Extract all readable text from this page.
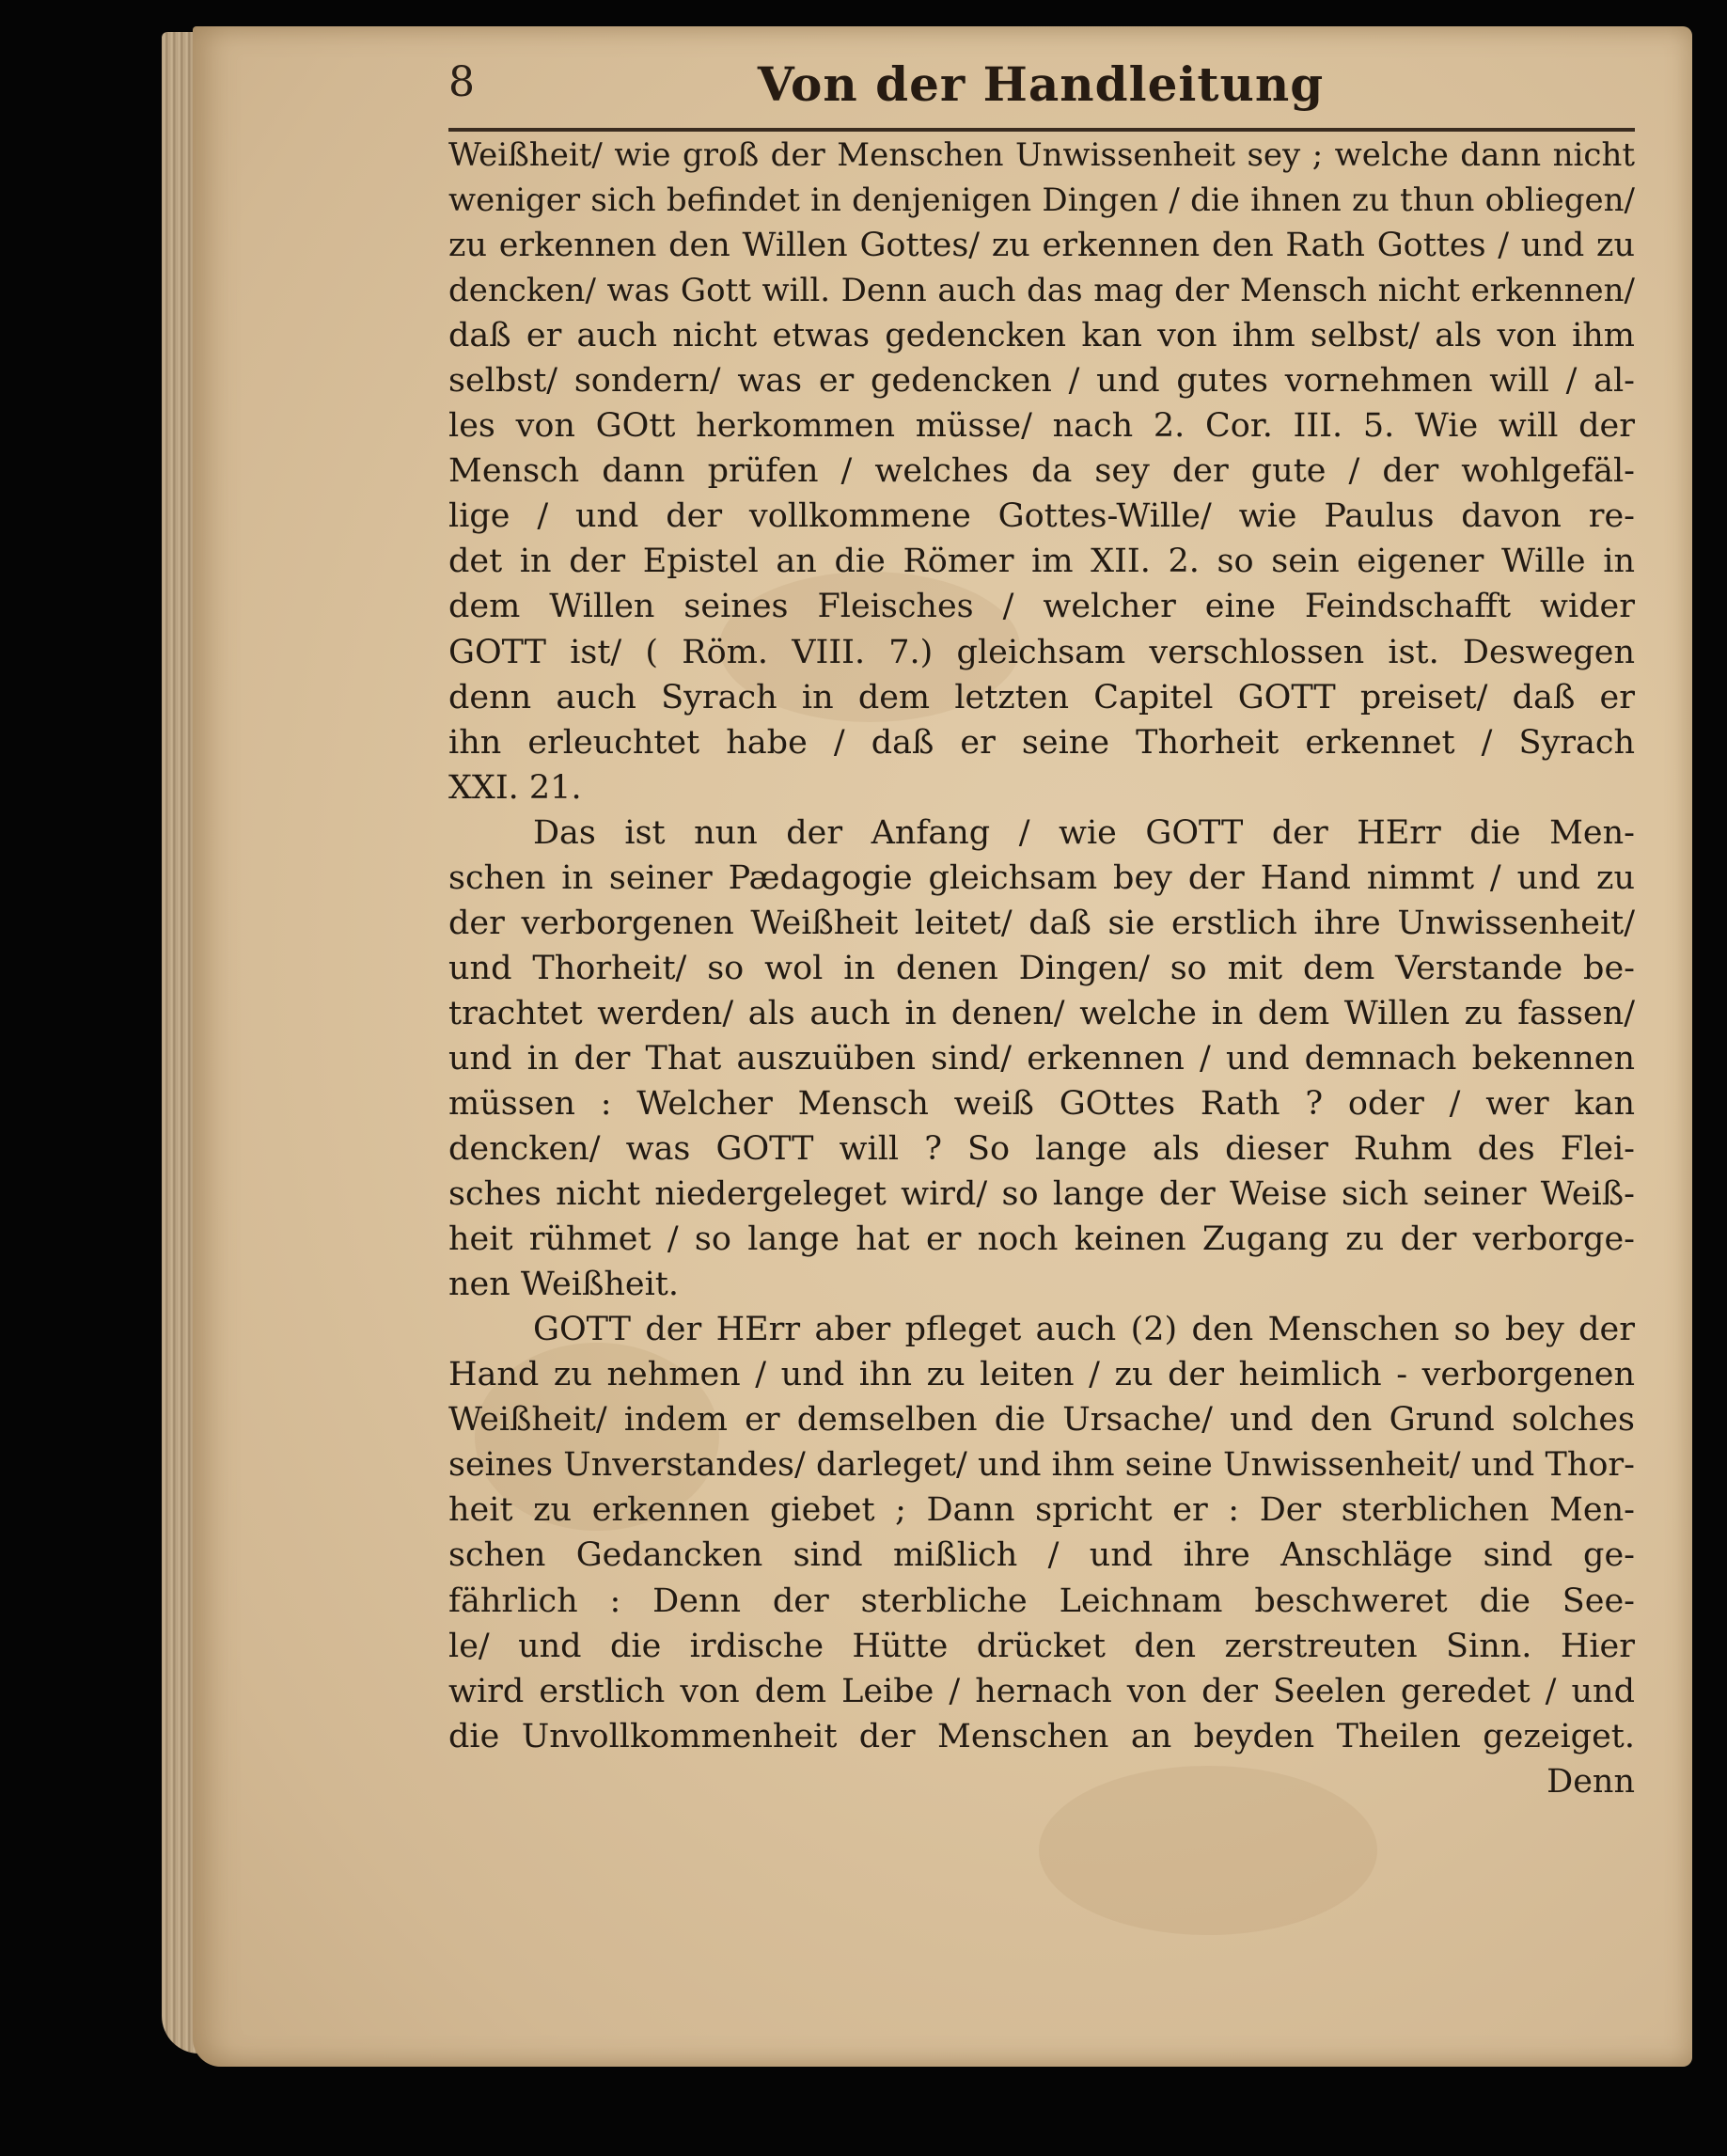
8	Von der Handleitung
Weißheit/ wie groß der Menschen Unwissenheit sey ; welche dann nicht
weniger sich befindet in denjenigen Dingen / die ihnen zu thun obliegen/
zu erkennen den Willen Gottes/ zu erkennen den Rath Gottes / und zu
dencken/ was Gott will. Denn auch das mag der Mensch nicht erkennen/
daß er auch nicht etwas gedencken kan von ihm selbst/ als von ihm
selbst/ sondern/ was er gedencken / und gutes vornehmen will / al-
les von GOtt herkommen müsse/ nach 2. Cor. III. 5. Wie will der
Mensch dann prüfen / welches da sey der gute / der wohlgefäl-
lige / und der vollkommene Gottes-Wille/ wie Paulus davon re-
det in der Epistel an die Römer im XII. 2. so sein eigener Wille in
dem Willen seines Fleisches / welcher eine Feindschafft wider
GOTT ist/ ( Röm. VIII. 7.) gleichsam verschlossen ist. Deswegen
denn auch Syrach in dem letzten Capitel GOTT preiset/ daß er
ihn erleuchtet habe / daß er seine Thorheit erkennet / Syrach
XXI. 21.
Das ist nun der Anfang / wie GOTT der HErr die Men-
schen in seiner Pædagogie gleichsam bey der Hand nimmt / und zu
der verborgenen Weißheit leitet/ daß sie erstlich ihre Unwissenheit/
und Thorheit/ so wol in denen Dingen/ so mit dem Verstande be-
trachtet werden/ als auch in denen/ welche in dem Willen zu fassen/
und in der That auszuüben sind/ erkennen / und demnach bekennen
müssen : Welcher Mensch weiß GOttes Rath ? oder / wer kan
dencken/ was GOTT will ? So lange als dieser Ruhm des Flei-
sches nicht niedergeleget wird/ so lange der Weise sich seiner Weiß-
heit rühmet / so lange hat er noch keinen Zugang zu der verborge-
nen Weißheit.
GOTT der HErr aber pfleget auch (2) den Menschen so bey der
Hand zu nehmen / und ihn zu leiten / zu der heimlich - verborgenen
Weißheit/ indem er demselben die Ursache/ und den Grund solches
seines Unverstandes/ darleget/ und ihm seine Unwissenheit/ und Thor-
heit zu erkennen giebet ; Dann spricht er : Der sterblichen Men-
schen Gedancken sind mißlich / und ihre Anschläge sind ge-
fährlich : Denn der sterbliche Leichnam beschweret die See-
le/ und die irdische Hütte drücket den zerstreuten Sinn. Hier
wird erstlich von dem Leibe / hernach von der Seelen geredet / und
die Unvollkommenheit der Menschen an beyden Theilen gezeiget.
Denn
